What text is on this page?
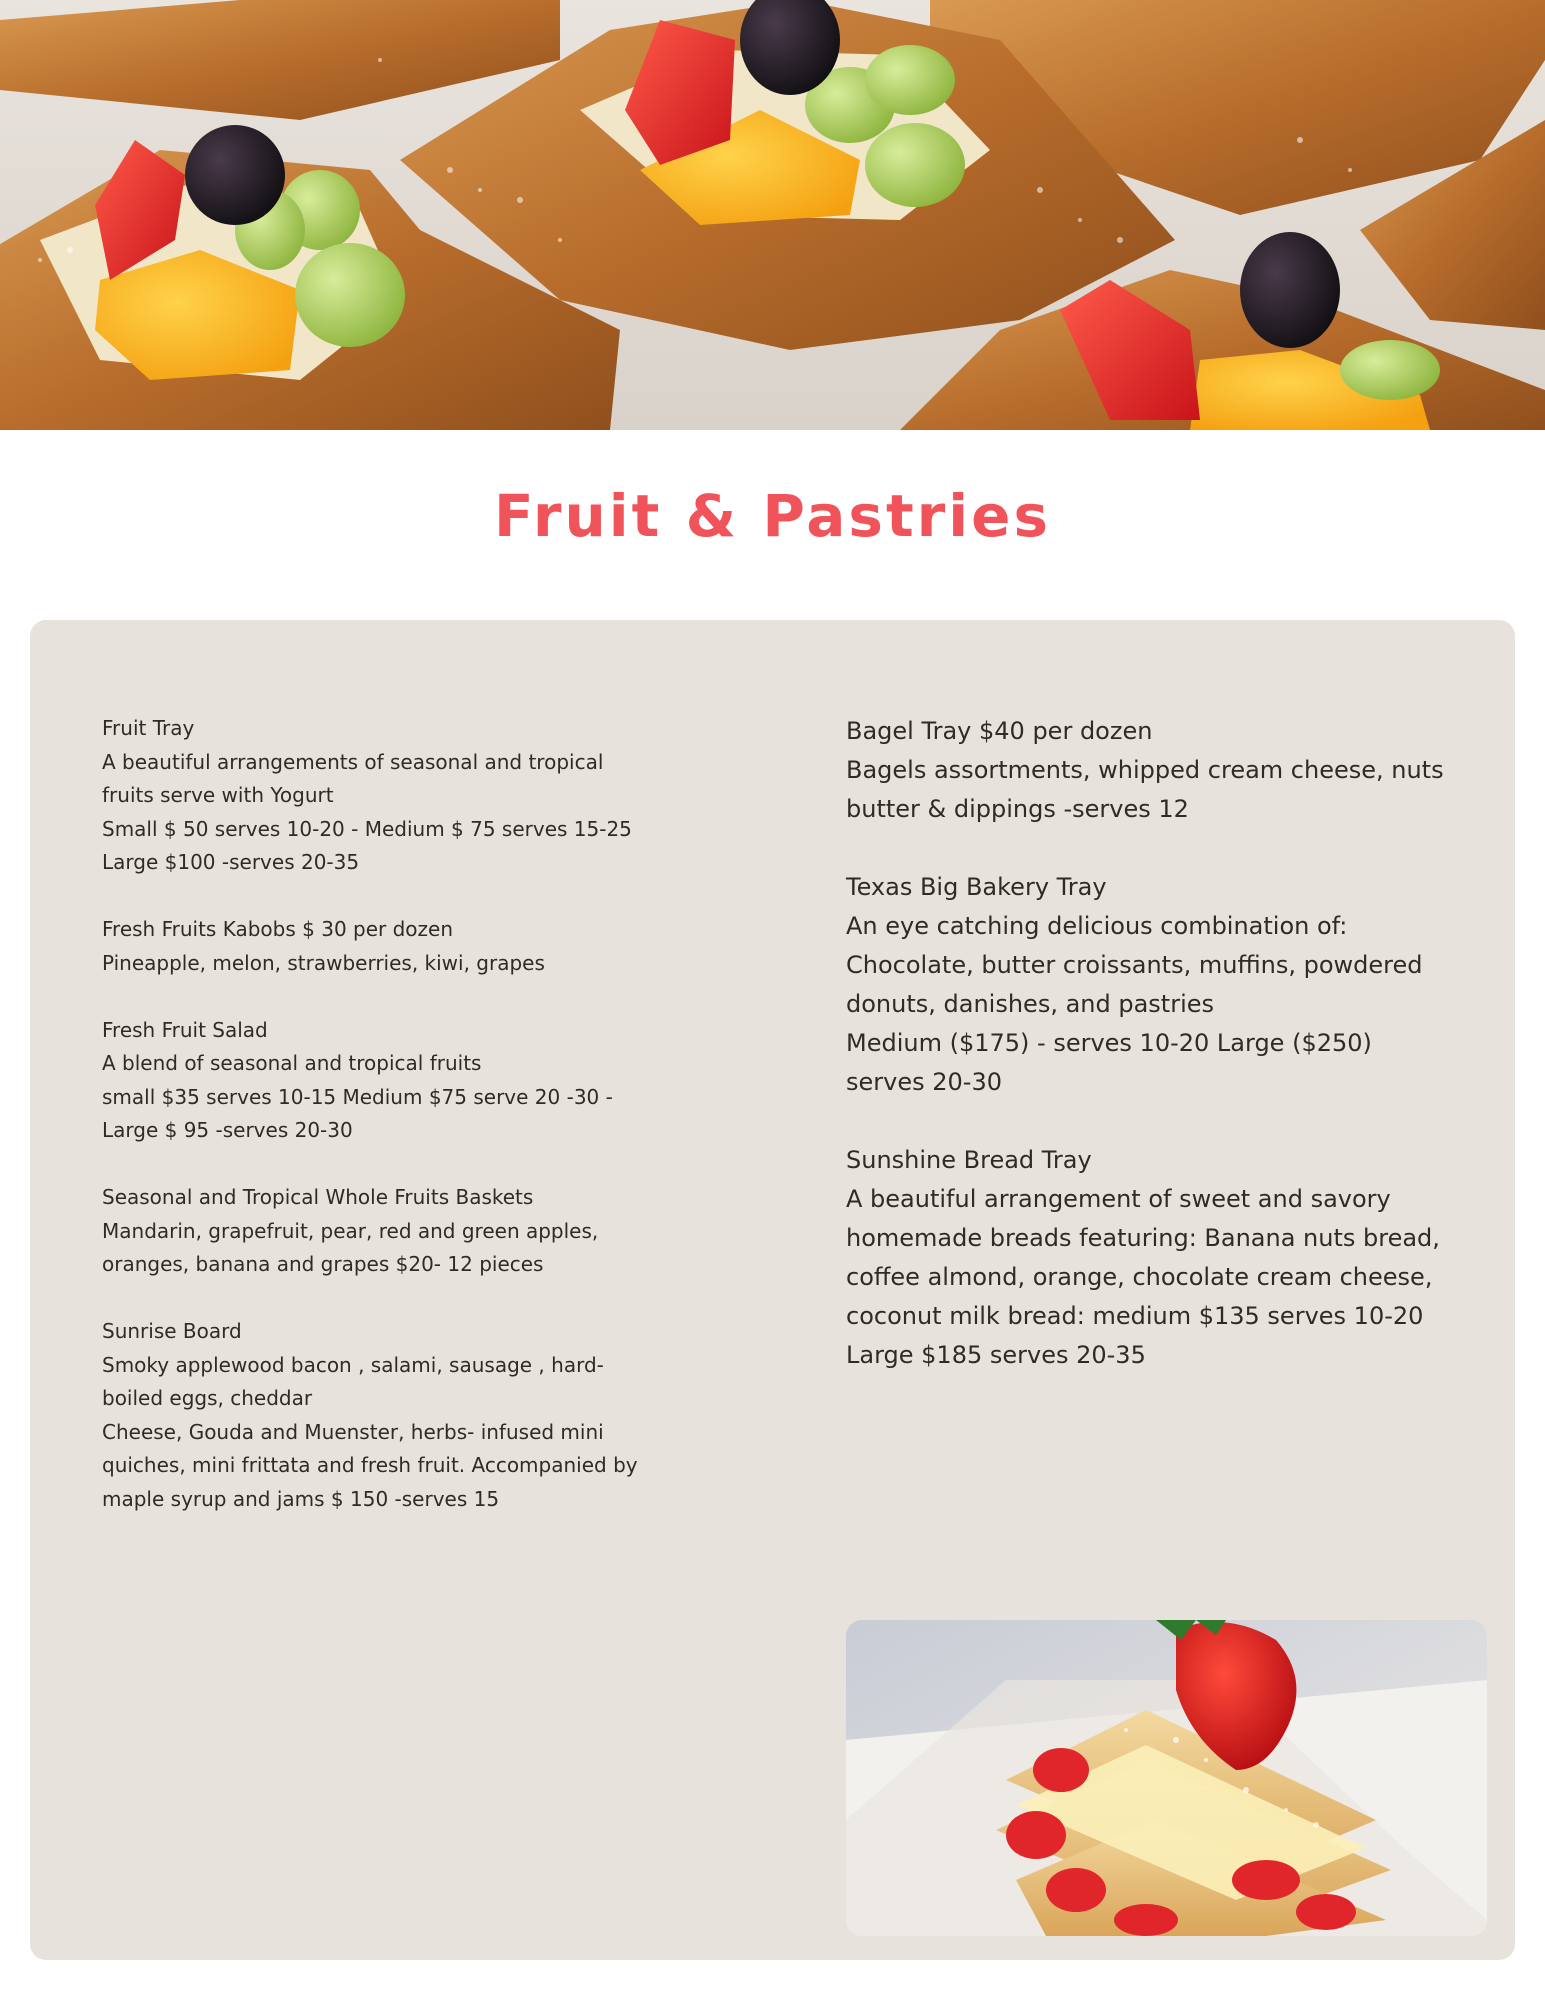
Fruit & Pastries

Fruit Tray

A beautiful arrangements of seasonal and tropical

fruits serve with Yogurt

Small $ 50 serves 10-20 - Medium $ 75 serves 15-25

Large $100 -serves 20-35

Fresh Fruits Kabobs $ 30 per dozen

Pineapple, melon, strawberries, kiwi, grapes

Fresh Fruit Salad

A blend of seasonal and tropical fruits

small $35 serves 10-15 Medium $75 serve 20 -30 -

Large $ 95 -serves 20-30

Seasonal and Tropical Whole Fruits Baskets

Mandarin, grapefruit, pear, red and green apples,

oranges, banana and grapes $20- 12 pieces

Sunrise Board

Smoky applewood bacon , salami, sausage , hard-

boiled eggs, cheddar

Cheese, Gouda and Muenster, herbs- infused mini

quiches, mini frittata and fresh fruit. Accompanied by

maple syrup and jams $ 150 -serves 15

Bagel Tray $40 per dozen

Bagels assortments, whipped cream cheese, nuts

butter & dippings -serves 12

Texas Big Bakery Tray

An eye catching delicious combination of:

Chocolate, butter croissants, muffins, powdered

donuts, danishes, and pastries

Medium ($175) - serves 10-20 Large ($250)

serves 20-30

Sunshine Bread Tray

A beautiful arrangement of sweet and savory

homemade breads featuring: Banana nuts bread,

coffee almond, orange, chocolate cream cheese,

coconut milk bread: medium $135 serves 10-20

Large $185 serves 20-35
